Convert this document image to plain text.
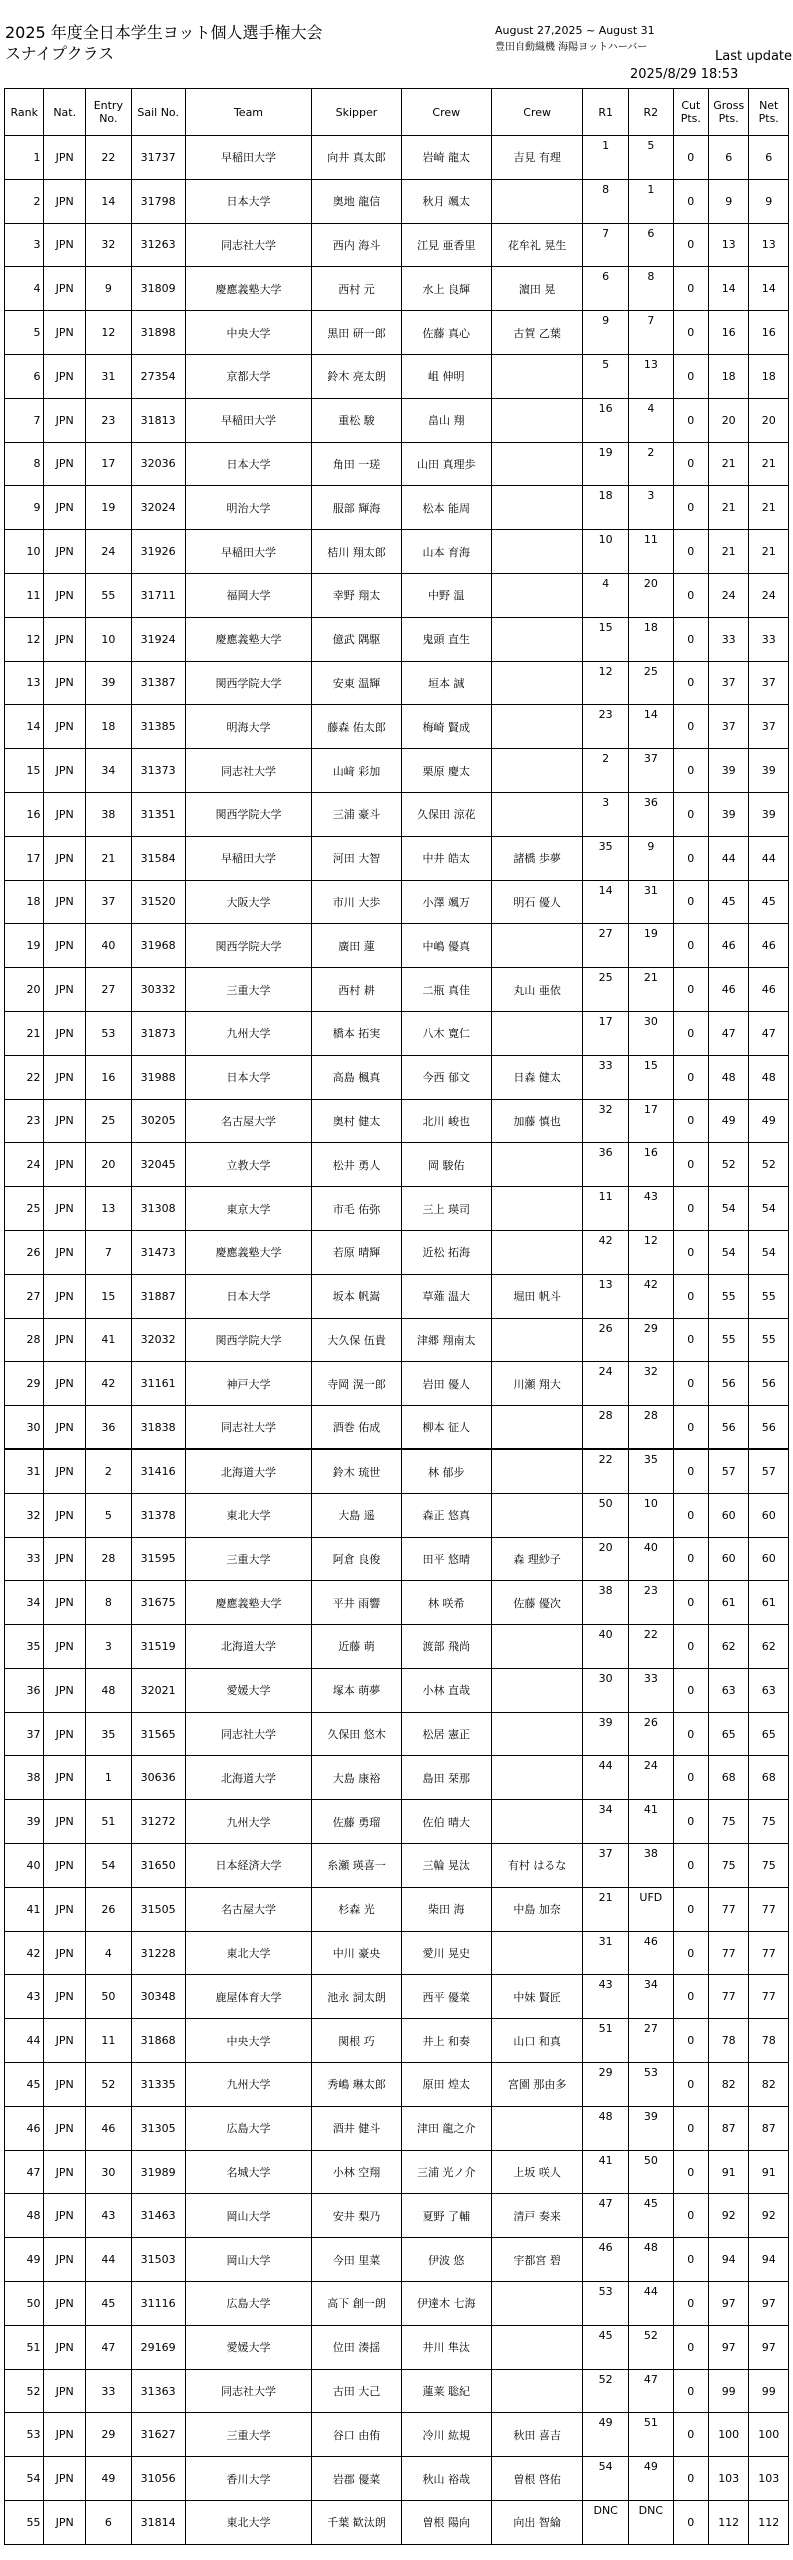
2025 年度全日本学生ヨット個人選手権大会
スナイプクラス
August 27,2025 ~ August 31
豊田自動織機 海陽ヨットハーバー
Last update
2025/8/29 18:53
Rank	Nat.	Entry No.	Sail No.	Team	Skipper	Crew	Crew	R1	R2	Cut Pts.	Gross Pts.	Net Pts.
1	JPN	22	31737	早稲田大学	向井 真太郎	岩崎 龍太	吉見 有理	1	5	0	6	6
2	JPN	14	31798	日本大学	奥地 龍信	秋月 颯太		8	1	0	9	9
3	JPN	32	31263	同志社大学	西内 海斗	江見 亜香里	花牟礼 晃生	7	6	0	13	13
4	JPN	9	31809	慶應義塾大学	西村 元	水上 良輝	濵田 晃	6	8	0	14	14
5	JPN	12	31898	中央大学	黒田 研一郎	佐藤 真心	古賀 乙葉	9	7	0	16	16
6	JPN	31	27354	京都大学	鈴木 亮太朗	岨 伸明		5	13	0	18	18
7	JPN	23	31813	早稲田大学	重松 駿	畠山 翔		16	4	0	20	20
8	JPN	17	32036	日本大学	角田 一瑳	山田 真理歩		19	2	0	21	21
9	JPN	19	32024	明治大学	服部 輝海	松本 能周		18	3	0	21	21
10	JPN	24	31926	早稲田大学	桔川 翔太郎	山本 育海		10	11	0	21	21
11	JPN	55	31711	福岡大学	幸野 翔太	中野 温		4	20	0	24	24
12	JPN	10	31924	慶應義塾大学	億武 隅駆	鬼頭 直生		15	18	0	33	33
13	JPN	39	31387	関西学院大学	安東 温輝	垣本 誠		12	25	0	37	37
14	JPN	18	31385	明海大学	藤森 佑太郎	梅崎 賢成		23	14	0	37	37
15	JPN	34	31373	同志社大学	山﨑 彩加	栗原 慶太		2	37	0	39	39
16	JPN	38	31351	関西学院大学	三浦 豪斗	久保田 涼花		3	36	0	39	39
17	JPN	21	31584	早稲田大学	河田 大智	中井 皓太	諸橋 歩夢	35	9	0	44	44
18	JPN	37	31520	大阪大学	市川 大歩	小澤 颯万	明石 優人	14	31	0	45	45
19	JPN	40	31968	関西学院大学	廣田 蓮	中嶋 優真		27	19	0	46	46
20	JPN	27	30332	三重大学	西村 耕	二瓶 真佳	丸山 亜依	25	21	0	46	46
21	JPN	53	31873	九州大学	橋本 拓実	八木 寛仁		17	30	0	47	47
22	JPN	16	31988	日本大学	高島 楓真	今西 郁文	日森 健太	33	15	0	48	48
23	JPN	25	30205	名古屋大学	奥村 健太	北川 峻也	加藤 慎也	32	17	0	49	49
24	JPN	20	32045	立教大学	松井 勇人	岡 駿佑		36	16	0	52	52
25	JPN	13	31308	東京大学	市毛 佑弥	三上 瑛司		11	43	0	54	54
26	JPN	7	31473	慶應義塾大学	若原 晴輝	近松 拓海		42	12	0	54	54
27	JPN	15	31887	日本大学	坂本 帆嵩	草薙 温大	堀田 帆斗	13	42	0	55	55
28	JPN	41	32032	関西学院大学	大久保 伍貴	津郷 翔南太		26	29	0	55	55
29	JPN	42	31161	神戸大学	寺岡 滉一郎	岩田 優人	川瀬 翔大	24	32	0	56	56
30	JPN	36	31838	同志社大学	酒巻 佑成	柳本 征人		28	28	0	56	56
31	JPN	2	31416	北海道大学	鈴木 琉世	林 郁步		22	35	0	57	57
32	JPN	5	31378	東北大学	大島 遥	森正 悠真		50	10	0	60	60
33	JPN	28	31595	三重大学	阿倉 良俊	田平 悠晴	森 理紗子	20	40	0	60	60
34	JPN	8	31675	慶應義塾大学	平井 雨響	林 咲希	佐藤 優次	38	23	0	61	61
35	JPN	3	31519	北海道大学	近藤 萌	渡部 飛尚		40	22	0	62	62
36	JPN	48	32021	愛媛大学	塚本 萌夢	小林 直哉		30	33	0	63	63
37	JPN	35	31565	同志社大学	久保田 悠木	松居 憲正		39	26	0	65	65
38	JPN	1	30636	北海道大学	大島 康裕	島田 栞那		44	24	0	68	68
39	JPN	51	31272	九州大学	佐藤 勇瑠	佐伯 晴大		34	41	0	75	75
40	JPN	54	31650	日本経済大学	糸瀬 瑛喜一	三輪 晃汰	有村 はるな	37	38	0	75	75
41	JPN	26	31505	名古屋大学	杉森 光	柴田 海	中島 加奈	21	UFD	0	77	77
42	JPN	4	31228	東北大学	中川 豪央	愛川 晃史		31	46	0	77	77
43	JPN	50	30348	鹿屋体育大学	池永 詞太朗	西平 優菜	中妹 賢匠	43	34	0	77	77
44	JPN	11	31868	中央大学	関根 巧	井上 和奏	山口 和真	51	27	0	78	78
45	JPN	52	31335	九州大学	秀嶋 琳太郎	原田 煌太	宮園 那由多	29	53	0	82	82
46	JPN	46	31305	広島大学	酒井 健斗	津田 龍之介		48	39	0	87	87
47	JPN	30	31989	名城大学	小林 空翔	三浦 光ノ介	上坂 咲人	41	50	0	91	91
48	JPN	43	31463	岡山大学	安井 梨乃	夏野 了輔	清戸 奏来	47	45	0	92	92
49	JPN	44	31503	岡山大学	今田 里菜	伊波 悠	宇都宮 碧	46	48	0	94	94
50	JPN	45	31116	広島大学	高下 創一朗	伊達木 七海		53	44	0	97	97
51	JPN	47	29169	愛媛大学	位田 湊揺	井川 隼汰		45	52	0	97	97
52	JPN	33	31363	同志社大学	古田 大己	蓮莱 聡紀		52	47	0	99	99
53	JPN	29	31627	三重大学	谷口 由侑	冷川 紘規	秋田 喜吉	49	51	0	100	100
54	JPN	49	31056	香川大学	岩郡 優菜	秋山 裕哉	曽根 啓佑	54	49	0	103	103
55	JPN	6	31814	東北大学	千葉 歓汰朗	曽根 陽向	向出 智綸	DNC	DNC	0	112	112
